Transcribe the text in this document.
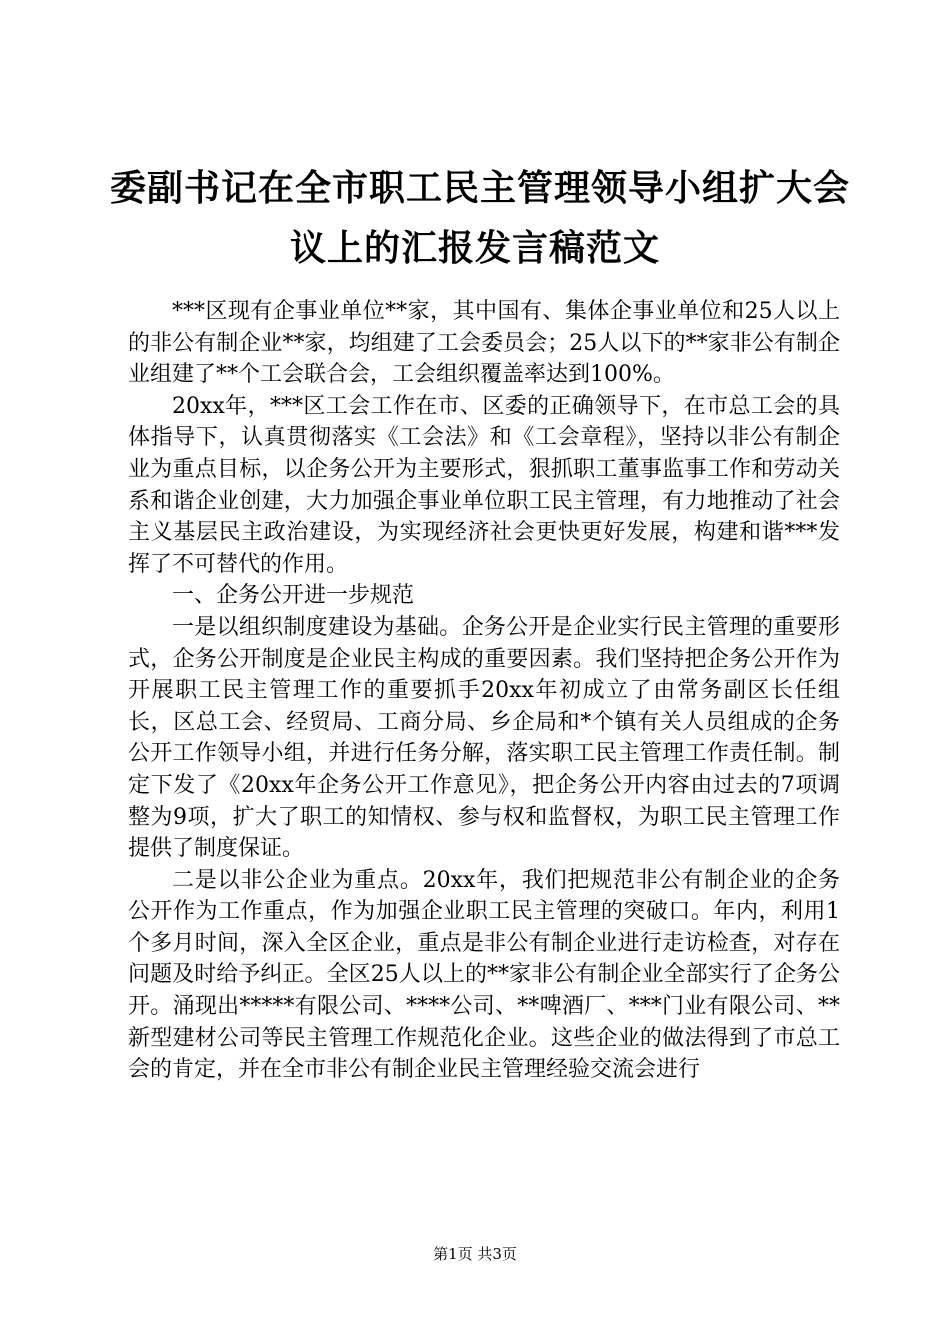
委副书记在全市职工民主管理领导小组扩大会
议上的汇报发言稿范文

***区现有企事业单位**家，其中国有、集体企事业单位和25人以上的非公有制企业**家，均组建了工会委员会；25人以下的**家非公有制企业组建了**个工会联合会，工会组织覆盖率达到100%。

20xx年，***区工会工作在市、区委的正确领导下，在市总工会的具体指导下，认真贯彻落实《工会法》和《工会章程》，坚持以非公有制企业为重点目标，以企务公开为主要形式，狠抓职工董事监事工作和劳动关系和谐企业创建，大力加强企事业单位职工民主管理，有力地推动了社会主义基层民主政治建设，为实现经济社会更快更好发展，构建和谐***发挥了不可替代的作用。

一、企务公开进一步规范

一是以组织制度建设为基础。企务公开是企业实行民主管理的重要形式，企务公开制度是企业民主构成的重要因素。我们坚持把企务公开作为开展职工民主管理工作的重要抓手20xx年初成立了由常务副区长任组长，区总工会、经贸局、工商分局、乡企局和*个镇有关人员组成的企务公开工作领导小组，并进行任务分解，落实职工民主管理工作责任制。制定下发了《20xx年企务公开工作意见》，把企务公开内容由过去的7项调整为9项，扩大了职工的知情权、参与权和监督权，为职工民主管理工作提供了制度保证。

二是以非公企业为重点。20xx年，我们把规范非公有制企业的企务公开作为工作重点，作为加强企业职工民主管理的突破口。年内，利用1个多月时间，深入全区企业，重点是非公有制企业进行走访检查，对存在问题及时给予纠正。全区25人以上的**家非公有制企业全部实行了企务公开。涌现出*****有限公司、****公司、**啤酒厂、***门业有限公司、**新型建材公司等民主管理工作规范化企业。这些企业的做法得到了市总工会的肯定，并在全市非公有制企业民主管理经验交流会进行

第1页 共3页
